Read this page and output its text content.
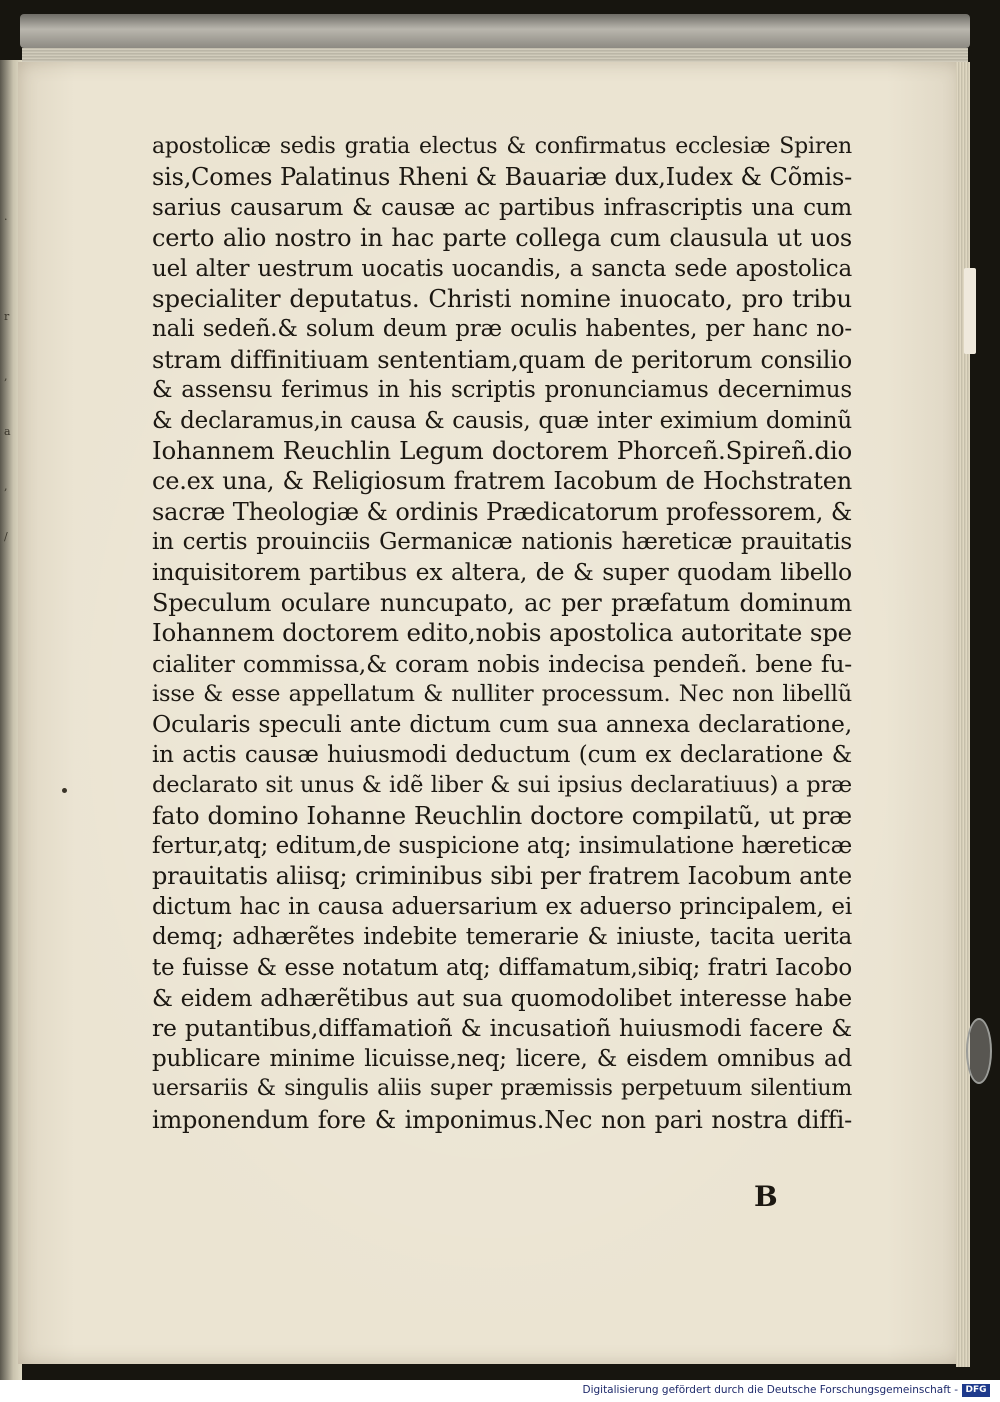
.
r
,
a
,
/
apostolicæ sedis gratia electus & confirmatus ecclesiæ Spiren
sis,Comes Palatinus Rheni & Bauariæ dux,Iudex & Cõmis-
sarius causarum & causæ ac partibus infrascriptis una cum
certo alio nostro in hac parte collega cum clausula ut uos
uel alter uestrum uocatis uocandis, a sancta sede apostolica
specialiter deputatus. Christi nomine inuocato, pro tribu
nali sedeñ.& solum deum præ oculis habentes, per hanc no-
stram diffinitiuam sententiam,quam de peritorum consilio
& assensu ferimus in his scriptis pronunciamus decernimus
& declaramus,in causa & causis, quæ inter eximium dominũ
Iohannem Reuchlin Legum doctorem Phorceñ.Spireñ.dio
ce.ex una, & Religiosum fratrem Iacobum de Hochstraten
sacræ Theologiæ & ordinis Prædicatorum professorem, &
in certis prouinciis Germanicæ nationis hæreticæ prauitatis
inquisitorem partibus ex altera, de & super quodam libello
Speculum oculare nuncupato, ac per præfatum dominum
Iohannem doctorem edito,nobis apostolica autoritate spe
cialiter commissa,& coram nobis indecisa pendeñ. bene fu-
isse & esse appellatum & nulliter processum. Nec non libellũ
Ocularis speculi ante dictum cum sua annexa declaratione,
in actis causæ huiusmodi deductum (cum ex declaratione &
declarato sit unus & idẽ liber & sui ipsius declaratiuus) a præ
fato domino Iohanne Reuchlin doctore compilatũ, ut præ
fertur,atq; editum,de suspicione atq; insimulatione hæreticæ
prauitatis aliisq; criminibus sibi per fratrem Iacobum ante
dictum hac in causa aduersarium ex aduerso principalem, ei
demq; adhærẽtes indebite temerarie & iniuste, tacita uerita
te fuisse & esse notatum atq; diffamatum,sibiq; fratri Iacobo
& eidem adhærẽtibus aut sua quomodolibet interesse habe
re putantibus,diffamatioñ & incusatioñ huiusmodi facere &
publicare minime licuisse,neq; licere, & eisdem omnibus ad
uersariis & singulis aliis super præmissis perpetuum silentium
imponendum fore & imponimus.Nec non pari nostra diffi-
B
Digitalisierung gefördert durch die Deutsche Forschungsgemeinschaft - DFG
